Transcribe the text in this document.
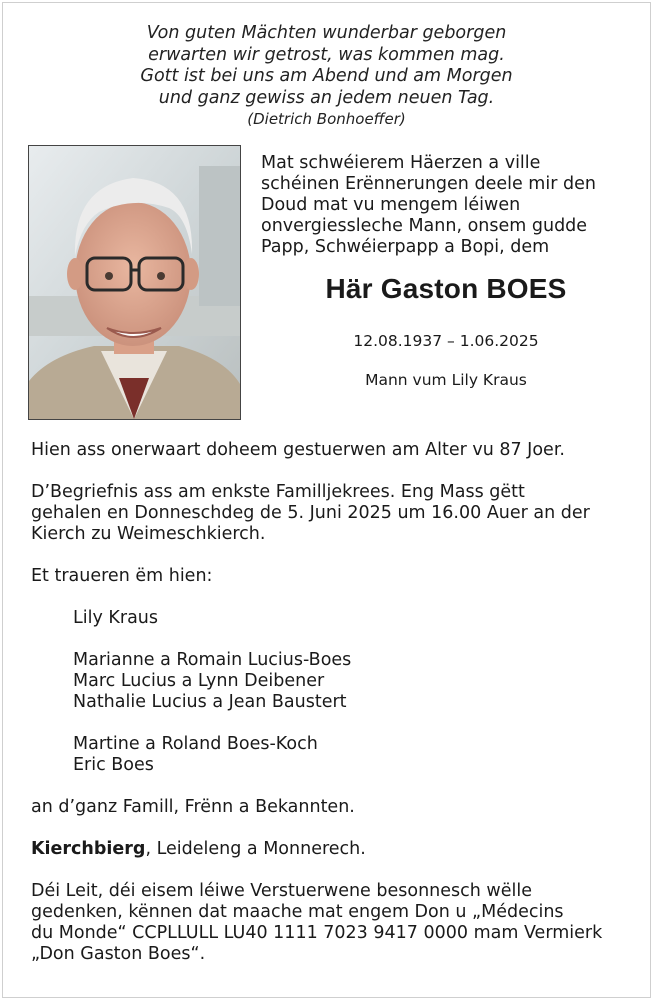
Von guten Mächten wunderbar geborgen
erwarten wir getrost, was kommen mag.
Gott ist bei uns am Abend und am Morgen
und ganz gewiss an jedem neuen Tag.
(Dietrich Bonhoeffer)
Mat schwéierem Häerzen a ville
schéinen Erënnerungen deele mir den
Doud mat vu mengem léiwen
onvergiessleche Mann, onsem gudde
Papp, Schwéierpapp a Bopi, dem
Här Gaston BOES
12.08.1937 – 1.06.2025
Mann vum Lily Kraus

Hien ass onerwaart doheem gestuerwen am Alter vu 87 Joer.

D’Begriefnis ass am enkste Familljekrees. Eng Mass gëtt

gehalen en Donneschdeg de 5. Juni 2025 um 16.00 Auer an der

Kierch zu Weimeschkierch.

Et traueren ëm hien:

Lily Kraus

Marianne a Romain Lucius-Boes

Marc Lucius a Lynn Deibener

Nathalie Lucius a Jean Baustert

Martine a Roland Boes-Koch

Eric Boes

an d’ganz Famill, Frënn a Bekannten.

Kierchbierg, Leideleng a Monnerech.

Déi Leit, déi eisem léiwe Verstuerwene besonnesch wëlle

gedenken, kënnen dat maache mat engem Don u „Médecins

du Monde“ CCPLLULL LU40 1111 7023 9417 0000 mam Vermierk

„Don Gaston Boes“.
